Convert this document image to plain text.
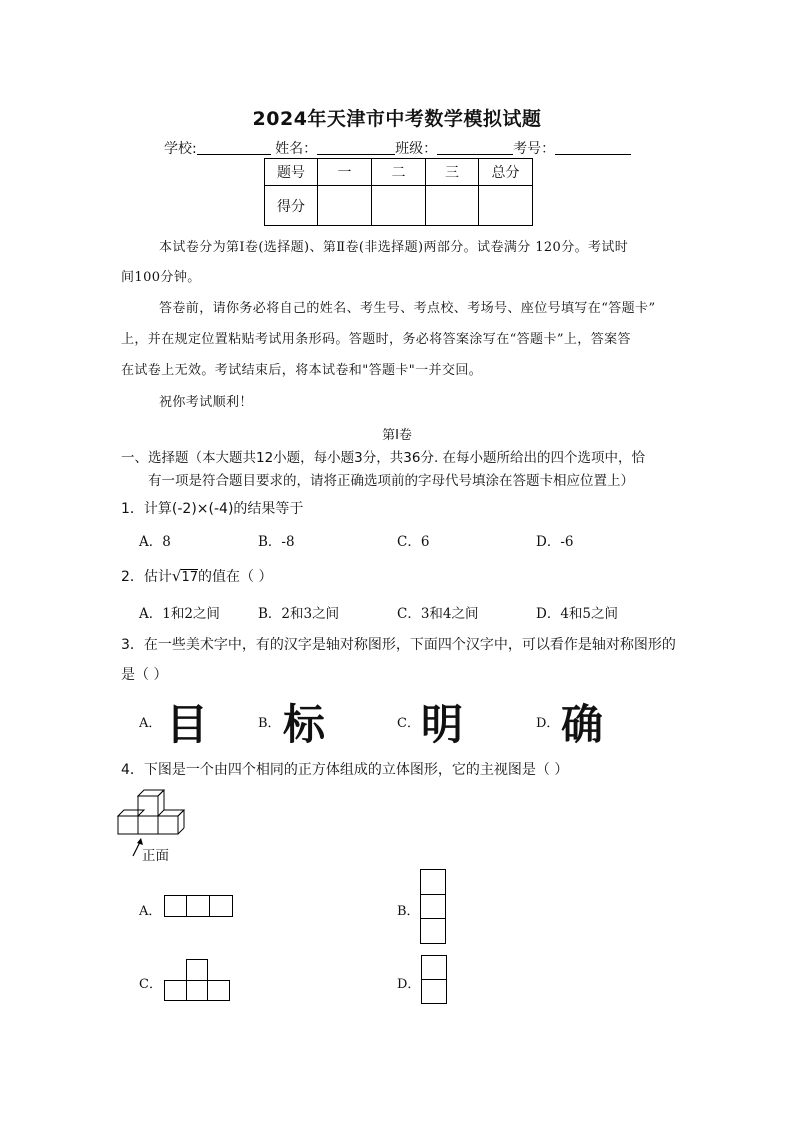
2024年天津市中考数学模拟试题
学校:	姓名：	班级：	考号：
题号	一	二	三	总分
得分				
本试卷分为第Ⅰ卷(选择题)、第Ⅱ卷(非选择题)两部分。试卷满分 120分。考试时
间100分钟。
答卷前，请你务必将自己的姓名、考生号、考点校、考场号、座位号填写在“答题卡”
上，并在规定位置粘贴考试用条形码。答题时，务必将答案涂写在“答题卡”上，答案答
在试卷上无效。考试结束后，将本试卷和"答题卡"一并交回。
祝你考试顺利！
第Ⅰ卷
一、选择题（本大题共12小题，每小题3分，共36分. 在每小题所给出的四个选项中，恰
有一项是符合题目要求的，请将正确选项前的字母代号填涂在答题卡相应位置上）
1．计算(-2)×(-4)的结果等于
A．8	B．-8	C．6	D．-6
2．估计√17的值在（ ）
A．1和2之间	B．2和3之间	C．3和4之间	D．4和5之间
3．在一些美术字中，有的汉字是轴对称图形，下面四个汉字中，可以看作是轴对称图形的
是（ ）
A． 目	B． 标	C． 明	D． 确
4．下图是一个由四个相同的正方体组成的立体图形，它的主视图是（ ）
正面
A．	B．
C．	D．
